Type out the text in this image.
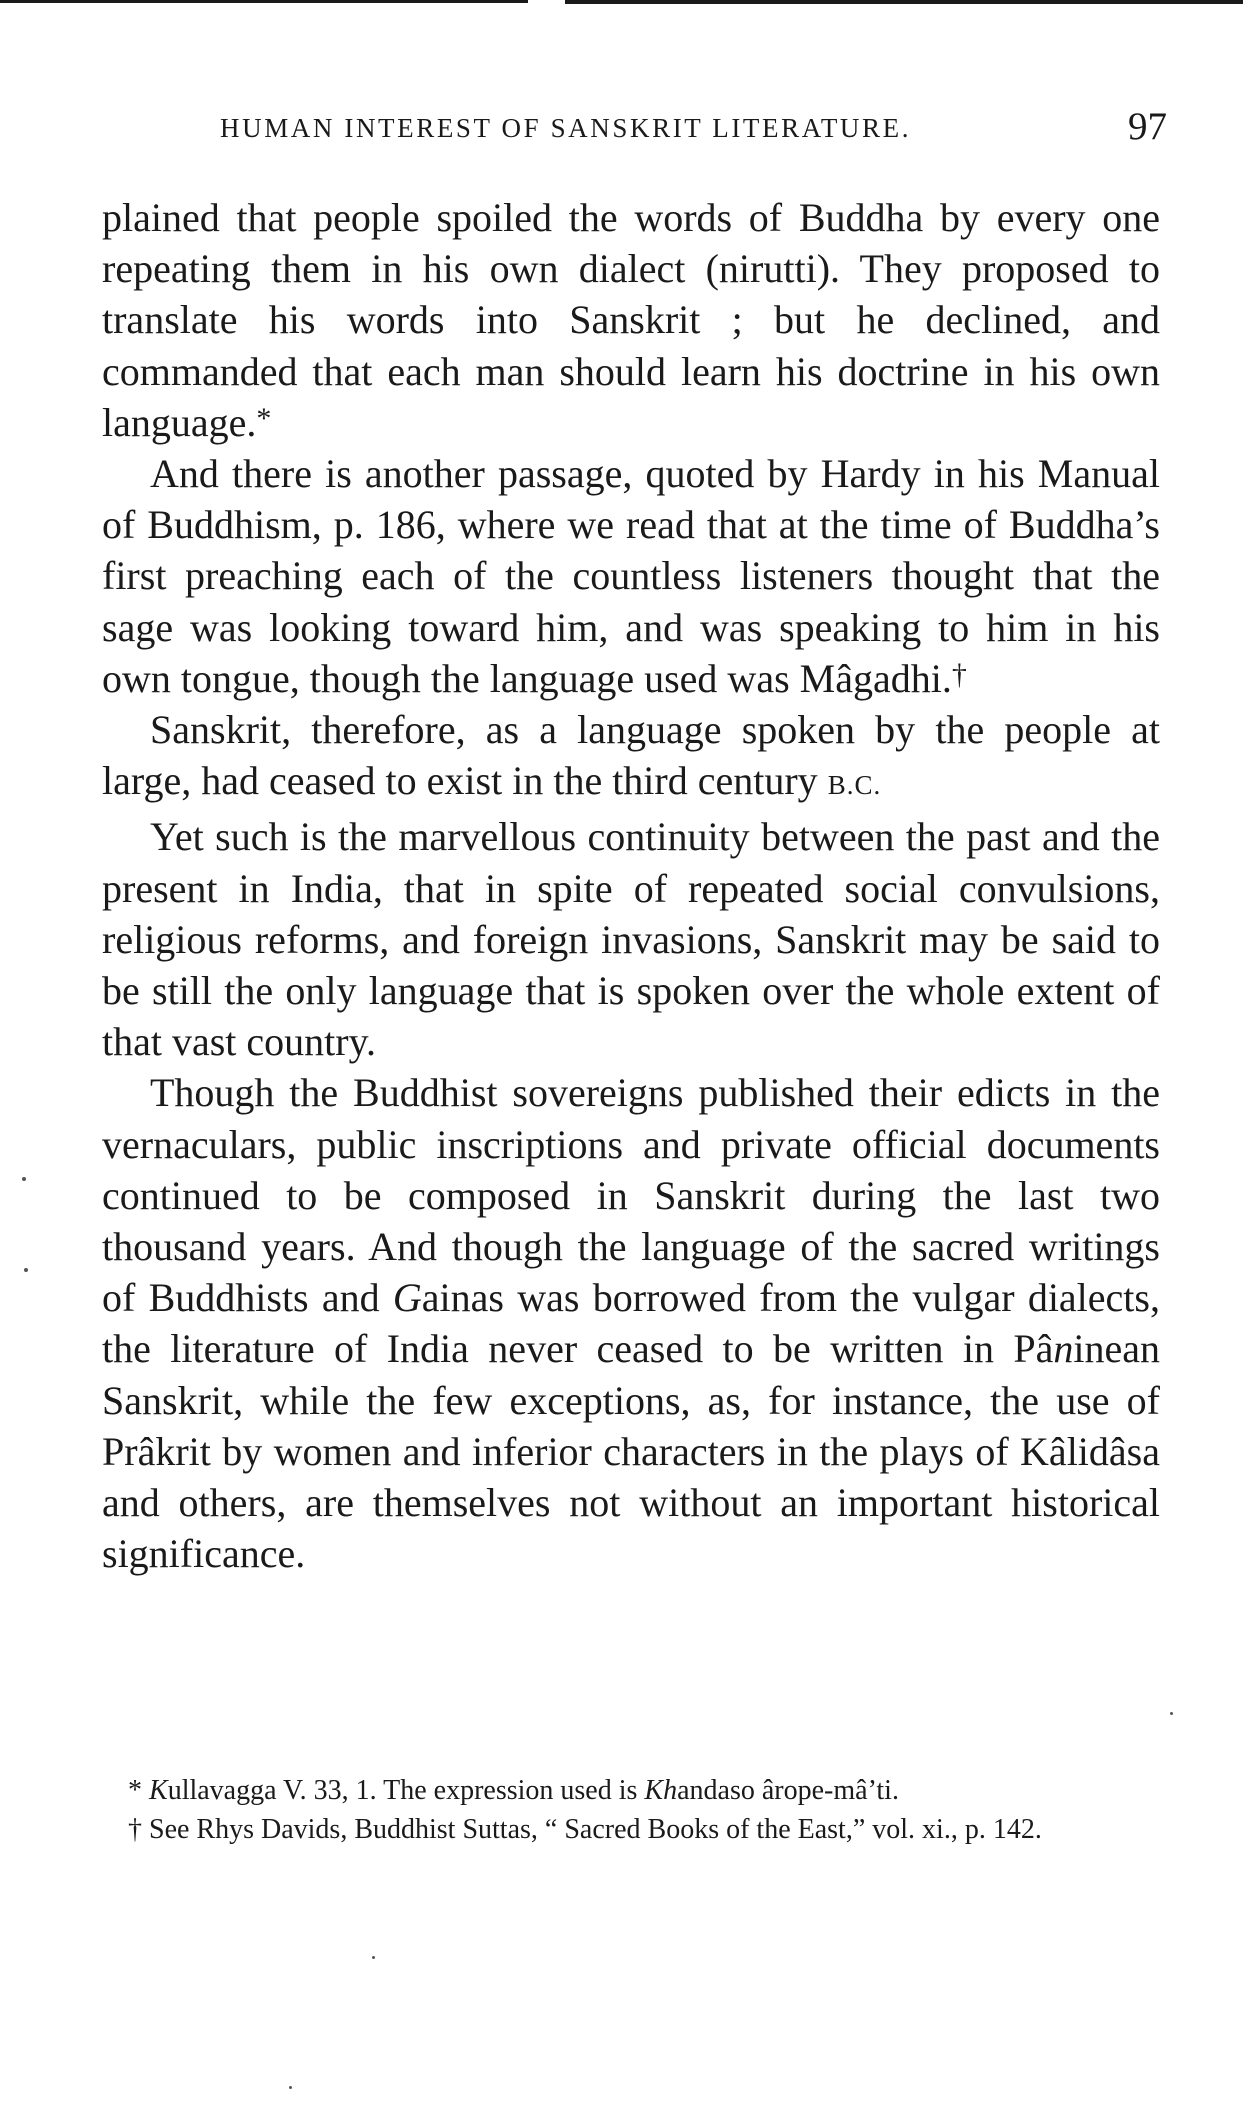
HUMAN INTEREST OF SANSKRIT LITERATURE.	97

plained that people spoiled the words of Buddha by every one repeating them in his own dialect (nirutti). They proposed to translate his words into Sanskrit ; but he declined, and commanded that each man should learn his doctrine in his own language.*

And there is another passage, quoted by Hardy in his Manual of Buddhism, p. 186, where we read that at the time of Buddha’s first preaching each of the countless listeners thought that the sage was looking toward him, and was speaking to him in his own tongue, though the language used was Mâgadhi.†

Sanskrit, therefore, as a language spoken by the people at large, had ceased to exist in the third century B.C.

Yet such is the marvellous continuity between the past and the present in India, that in spite of repeated social convulsions, religious reforms, and foreign invasions, Sanskrit may be said to be still the only language that is spoken over the whole extent of that vast country.

Though the Buddhist sovereigns published their edicts in the vernaculars, public inscriptions and private official documents continued to be composed in Sanskrit during the last two thousand years. And though the language of the sacred writings of Buddhists and Gainas was borrowed from the vulgar dialects, the literature of India never ceased to be written in Pâninean Sanskrit, while the few exceptions, as, for instance, the use of Prâkrit by women and inferior characters in the plays of Kâlidâsa and others, are themselves not without an important historical significance.

* Kullavagga V. 33, 1. The expression used is Khandaso ârope-mâ’ti.

† See Rhys Davids, Buddhist Suttas, “ Sacred Books of the East,” vol. xi., p. 142.
